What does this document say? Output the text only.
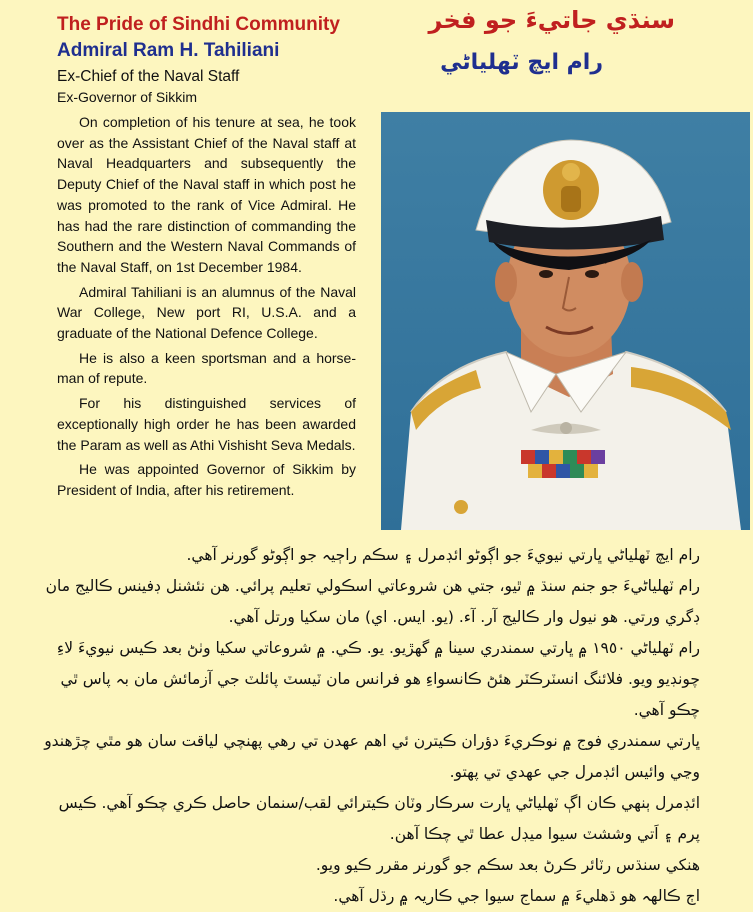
The Pride of Sindhi Community
Admiral Ram H. Tahiliani
Ex-Chief of the Naval Staff
Ex-Governor of Sikkim
سنڌي جاتيءَ جو فخر
رام ايچ ٽهلياڻي

On completion of his tenure at sea, he took over as the Assistant Chief of the Naval staff at Naval Headquarters and subsequently the Deputy Chief of the Naval staff in which post he was promoted to the rank of Vice Admiral. He has had the rare distinction of commanding the Southern and the Western Naval Commands of the Naval Staff, on 1st December 1984.

Admiral Tahiliani is an alumnus of the Naval War College, New port RI, U.S.A. and a graduate of the National Defence College.

He is also a keen sportsman and a horse-man of repute.

For his distinguished services of exceptionally high order he has been awarded the Param as well as Athi Vishisht Seva Medals.

He was appointed Governor of Sikkim by President of India, after his retirement.

رام ايچ ٽهلياڻي ڀارتي نيويءَ جو اڳوڻو ائڊمرل ۽ سڪم راڄيہ جو اڳوڻو گورنر آهي.

رام ٽهلياڻيءَ جو جنم سنڌ ۾ ٿيو، جتي هن شروعاتي اسڪولي تعليم پرائي. هن نئشنل ڊفينس ڪاليج مان ڊگري ورتي. هو نيول وار ڪاليج آر. آء. (يو. ايس. اي) مان سکيا ورتل آهي.

رام ٽهلياڻي ١٩٥٠ ۾ ڀارتي سمندري سينا ۾ گهڙيو. يو. ڪي. ۾ شروعاتي سکيا وٺڻ بعد ڪيس نيويءَ لاءِ چونڊيو ويو. فلائنگ انسٽرڪٽر هئڻ ڪانسواءِ هو فرانس مان ٽيسٽ پائلٽ جي آزمائش مان بہ پاس ٿي چڪو آهي.

ڀارتي سمندري فوج ۾ نوڪريءَ دؤران ڪيترن ئي اهم عهدن تي رهي پهنچي لياقت سان هو مٿي چڙهندو وڃي وائيس ائڊمرل جي عهدي تي پهتو.

ائڊمرل ٻنهي ڪان اڳ ٽهلياڻي ڀارت سرڪار وٽان ڪيترائي لقب/سنمان حاصل ڪري چڪو آهي. ڪيس پرم ۽ اَتي وششٽ سيوا ميڊل عطا ٿي چڪا آهن.

هنکي سنڌس رٽائر ڪرڻ بعد سڪم جو گورنر مقرر ڪيو ويو.

اڄ ڪالهہ هو ڌهليءَ ۾ سماج سيوا جي ڪاريہ ۾ رڌل آهي.
